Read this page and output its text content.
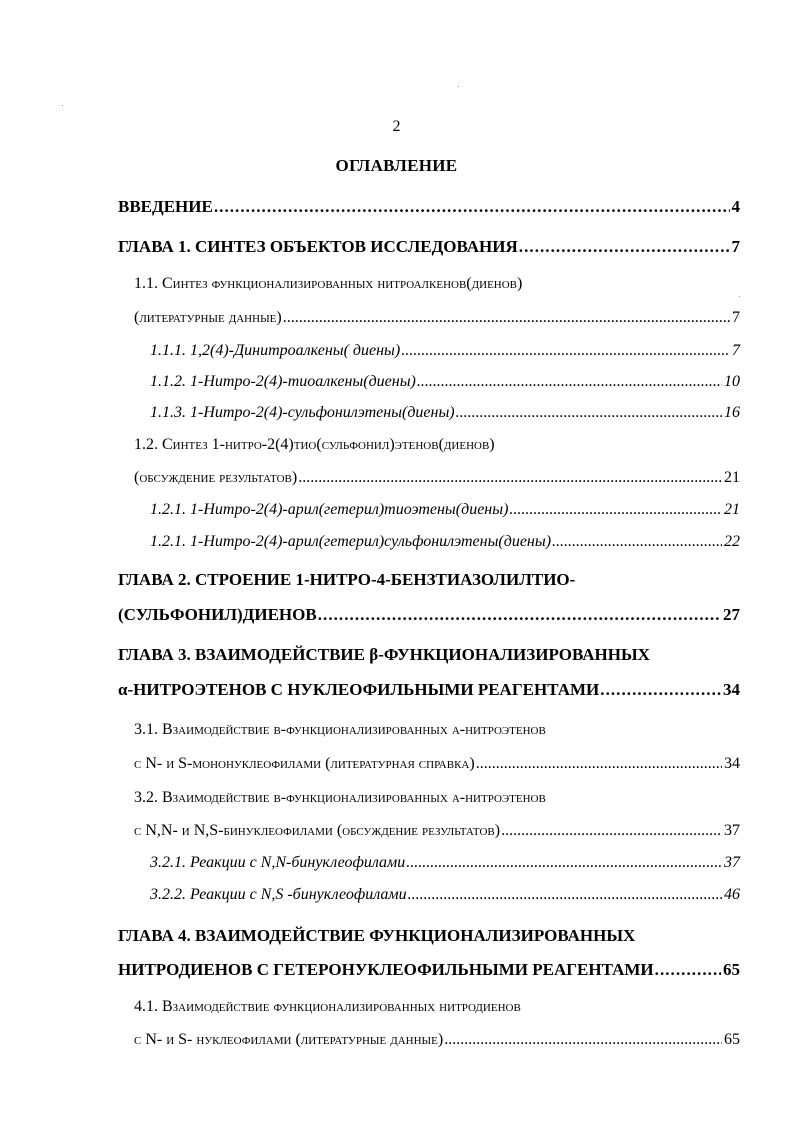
2
ОГЛАВЛЕНИЕ
ВВЕДЕНИЕ . . .	4
ГЛАВА 1. СИНТЕЗ ОБЪЕКТОВ ИССЛЕДОВАНИЯ . . .	7
1.1. Синтез функционализированных нитроалкенов(диенов)
(литературные данные) . . .	7
1.1.1. 1,2(4)-Динитроалкены( диены) . . .	7
1.1.2. 1-Нитро-2(4)-тиоалкены(диены) . . .	10
1.1.3. 1-Нитро-2(4)-сульфонилэтены(диены) . . .	16
1.2. Синтез 1-нитро-2(4)тио(сульфонил)этенов(диенов)
(обсуждение результатов) . . .	21
1.2.1. 1-Нитро-2(4)-арил(гетерил)тиоэтены(диены) . . .	21
1.2.1. 1-Нитро-2(4)-арил(гетерил)сульфонилэтены(диены) . . .	22
ГЛАВА 2. СТРОЕНИЕ 1-НИТРО-4-БЕНЗТИАЗОЛИЛТИО-
(СУЛЬФОНИЛ)ДИЕНОВ . . .	27
ГЛАВА 3. ВЗАИМОДЕЙСТВИЕ β-ФУНКЦИОНАЛИЗИРОВАННЫХ
α-НИТРОЭТЕНОВ С НУКЛЕОФИЛЬНЫМИ РЕАГЕНТАМИ . . .	34
3.1. Взаимодействие β-функционализированных α-нитроэтенов
с N- и S-мононуклеофилами (литературная справка) . . .	34
3.2. Взаимодействие β-функционализированных α-нитроэтенов
с N,N- и N,S-бинуклеофилами (обсуждение результатов) . . .	37
3.2.1. Реакции с N,N-бинуклеофилами . . .	37
3.2.2. Реакции с N,S -бинуклеофилами . . .	46
ГЛАВА 4. ВЗАИМОДЕЙСТВИЕ ФУНКЦИОНАЛИЗИРОВАННЫХ
НИТРОДИЕНОВ С ГЕТЕРОНУКЛЕОФИЛЬНЫМИ РЕАГЕНТАМИ . . .	65
4.1. Взаимодействие функционализированных нитродиенов
с N- и S- нуклеофилами (литературные данные) . . .	65
